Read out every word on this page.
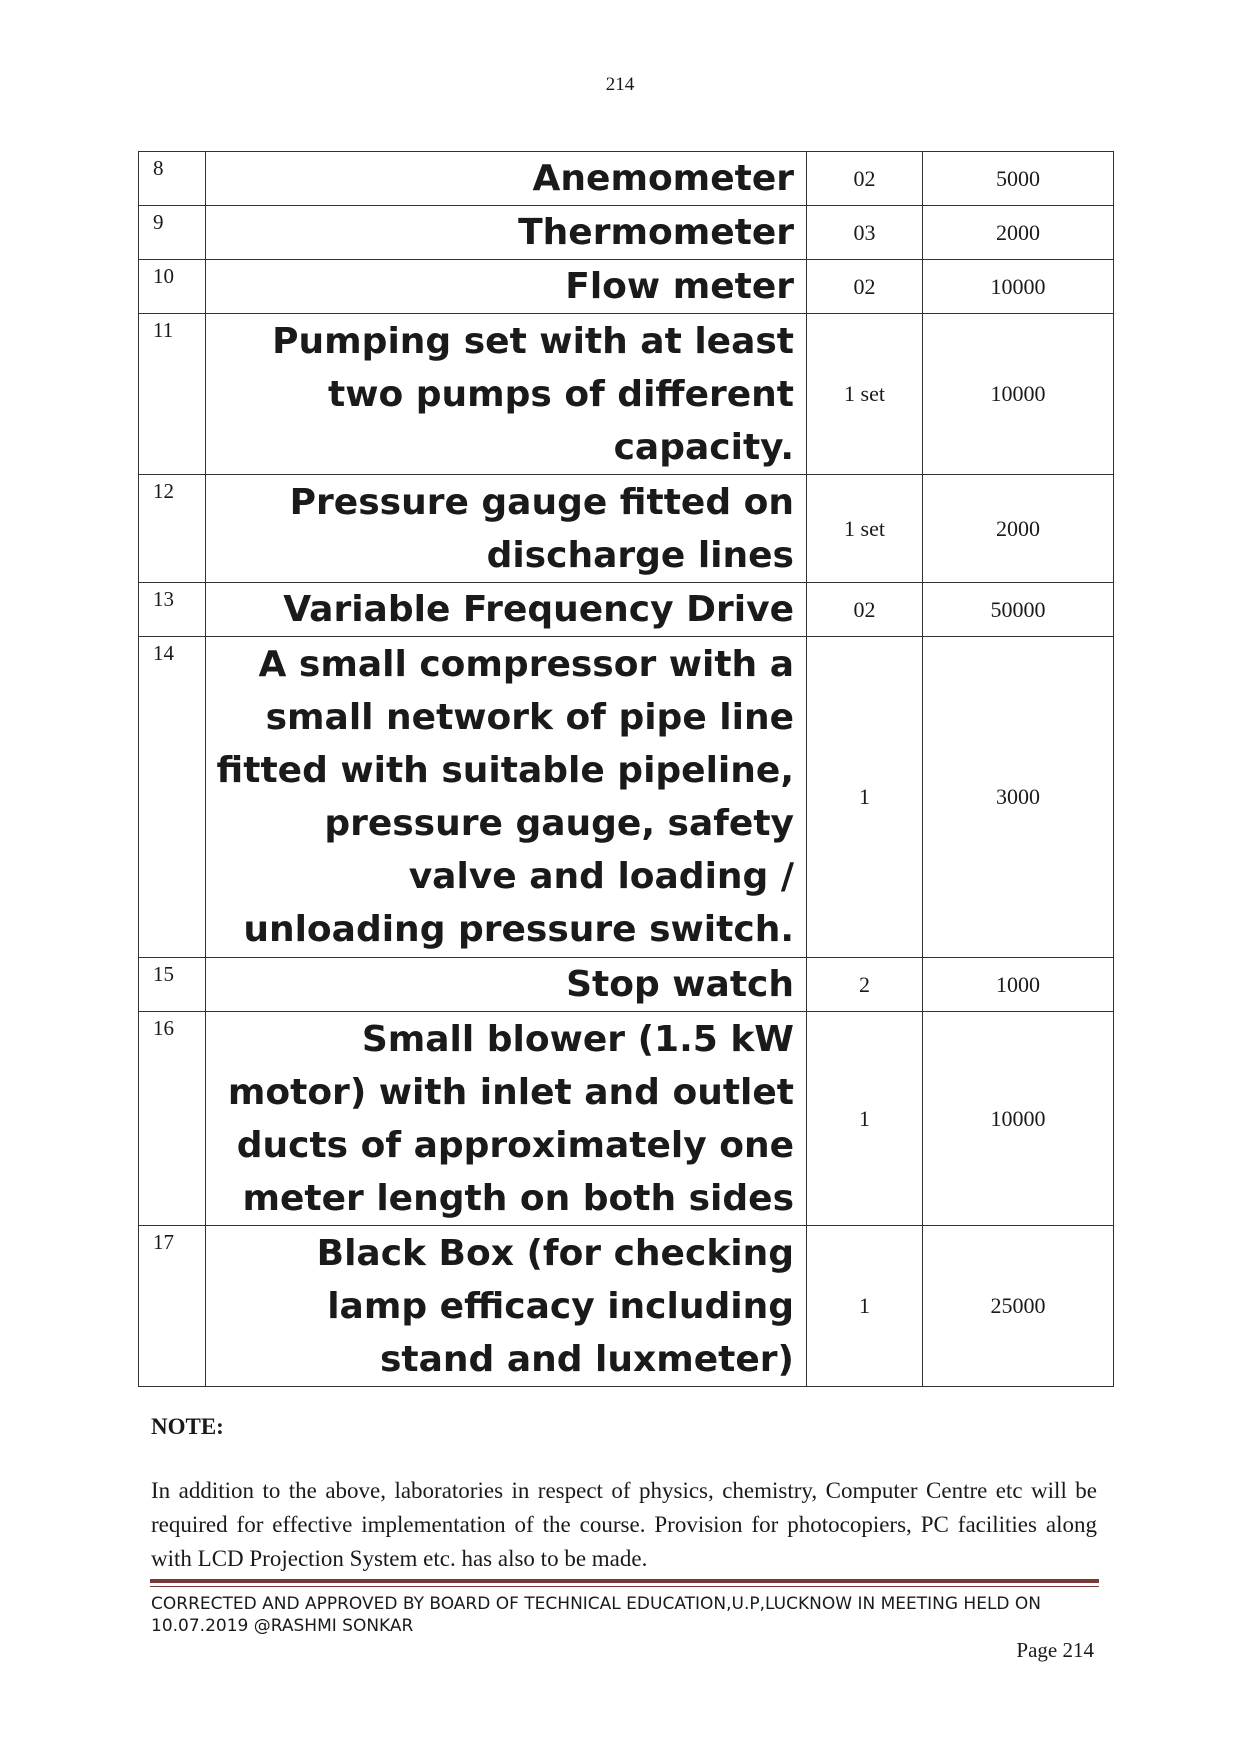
214
8	Anemometer	02	5000
9	Thermometer	03	2000
10	Flow meter	02	10000
11	Pumping set with at least two pumps of different capacity.	1 set	10000
12	Pressure gauge fitted on discharge lines	1 set	2000
13	Variable Frequency Drive	02	50000
14	A small compressor with a small network of pipe line fitted with suitable pipeline, pressure gauge, safety valve and loading / unloading pressure switch.	1	3000
15	Stop watch	2	1000
16	Small blower (1.5 kW motor) with inlet and outlet ducts of approximately one meter length on both sides	1	10000
17	Black Box (for checking lamp efficacy including stand and luxmeter)	1	25000
NOTE:
In addition to the above, laboratories in respect of physics, chemistry, Computer Centre etc will be required for effective implementation of the course. Provision for photocopiers, PC facilities along with LCD Projection System etc. has also to be made.
CORRECTED AND APPROVED BY BOARD OF TECHNICAL EDUCATION,U.P,LUCKNOW IN MEETING HELD ON 10.07.2019 @RASHMI SONKAR
Page 214
